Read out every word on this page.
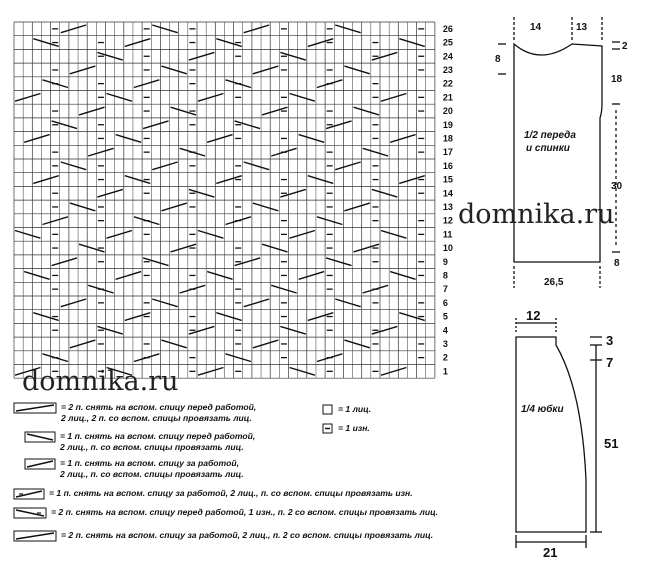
1
2
3
4
5
6
7
8
9
10
11
12
13
14
15
16
17
18
19
20
21
22
23
24
25
26	14	13
2
8
18
30
8
26,5
1/2 переда
и спинки
12
3
7
51
21
1/4 юбки
domnika.ru
domnika.ru
= 1 лиц.
= 1 изн.
= 2 п. снять на вспом. спицу перед работой,
2 лиц., 2 п. со вспом. спицы провязать лиц.
= 1 п. снять на вспом. спицу перед работой,
2 лиц., п. со вспом. спицы провязать лиц.
= 1 п. снять на вспом. спицу за работой,
2 лиц., п. со вспом. спицы провязать лиц.
= 1 п. снять на вспом. спицу за работой, 2 лиц., п. со вспом. спицы провязать изн.
= 2 п. снять на вспом. спицу перед работой, 1 изн., п. 2 со вспом. спицы провязать лиц.
= 2 п. снять на вспом. спицу за работой, 2 лиц., п. 2 со вспом. спицы провязать лиц.
